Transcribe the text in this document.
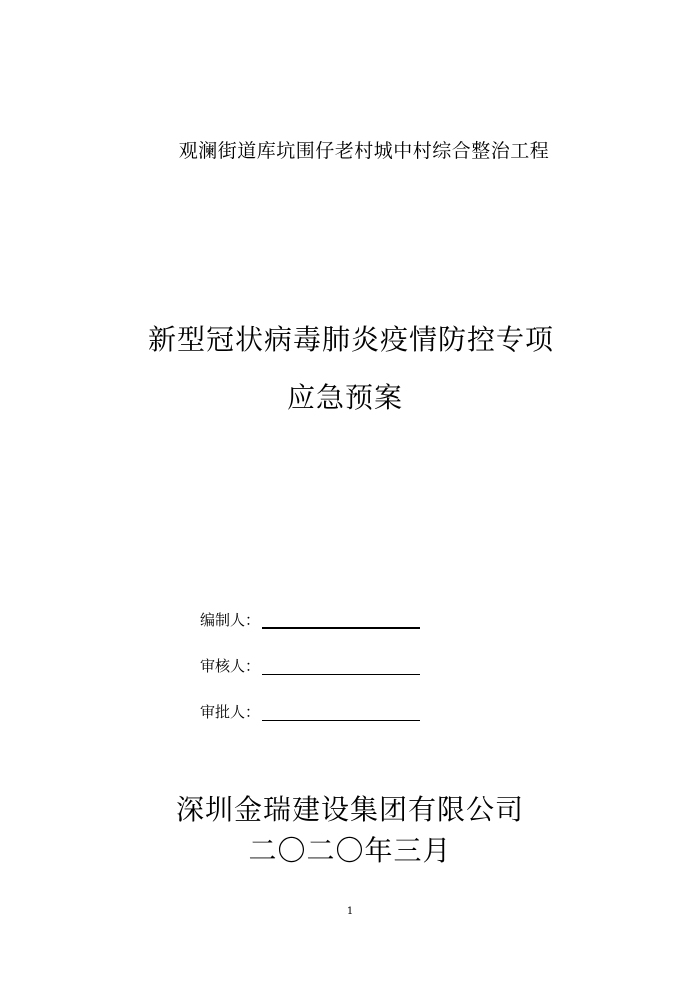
观澜街道库坑围仔老村城中村综合整治工程
新型冠状病毒肺炎疫情防控专项
应急预案
编制人：
审核人：
审批人：
深圳金瑞建设集团有限公司
二〇二〇年三月
1
